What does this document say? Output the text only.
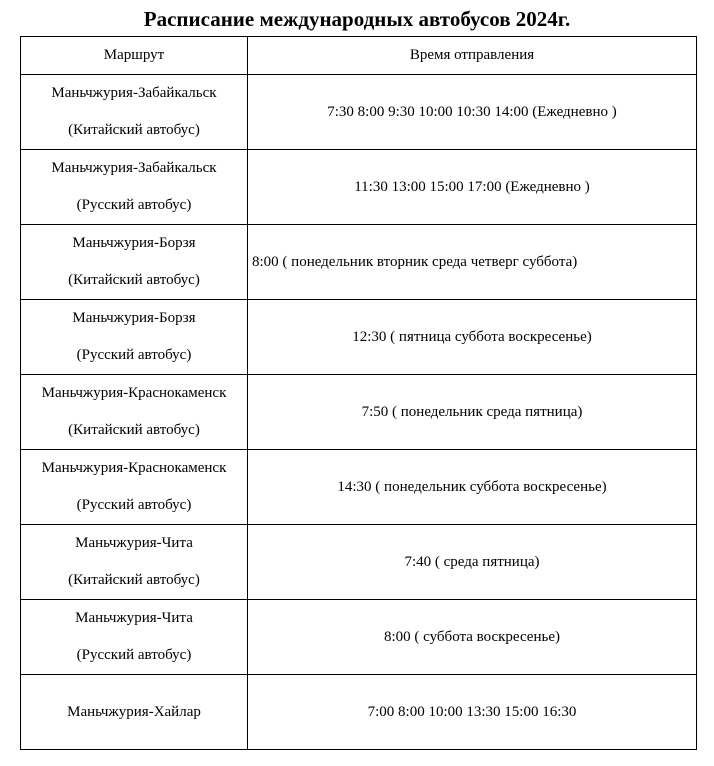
Расписание международных автобусов 2024г.
Маршрут	Время отправления

Маньчжурия-Забайкальск
(Китайский автобус)	7:30 8:00 9:30 10:00 10:30 14:00 (Ежедневно )

Маньчжурия-Забайкальск
(Русский автобус)	11:30 13:00 15:00 17:00 (Ежедневно )

Маньчжурия-Борзя
(Китайский автобус)	8:00 ( понедельник вторник среда четверг суббота)

Маньчжурия-Борзя
(Русский автобус)	12:30 ( пятница суббота воскресенье)

Маньчжурия-Краснокаменск
(Китайский автобус)	7:50 ( понедельник среда пятница)

Маньчжурия-Краснокаменск
(Русский автобус)	14:30 ( понедельник суббота воскресенье)

Маньчжурия-Чита
(Китайский автобус)	7:40 ( среда пятница)

Маньчжурия-Чита
(Русский автобус)	8:00 ( суббота воскресенье)

Маньчжурия-Хайлар	7:00 8:00 10:00 13:30 15:00 16:30
